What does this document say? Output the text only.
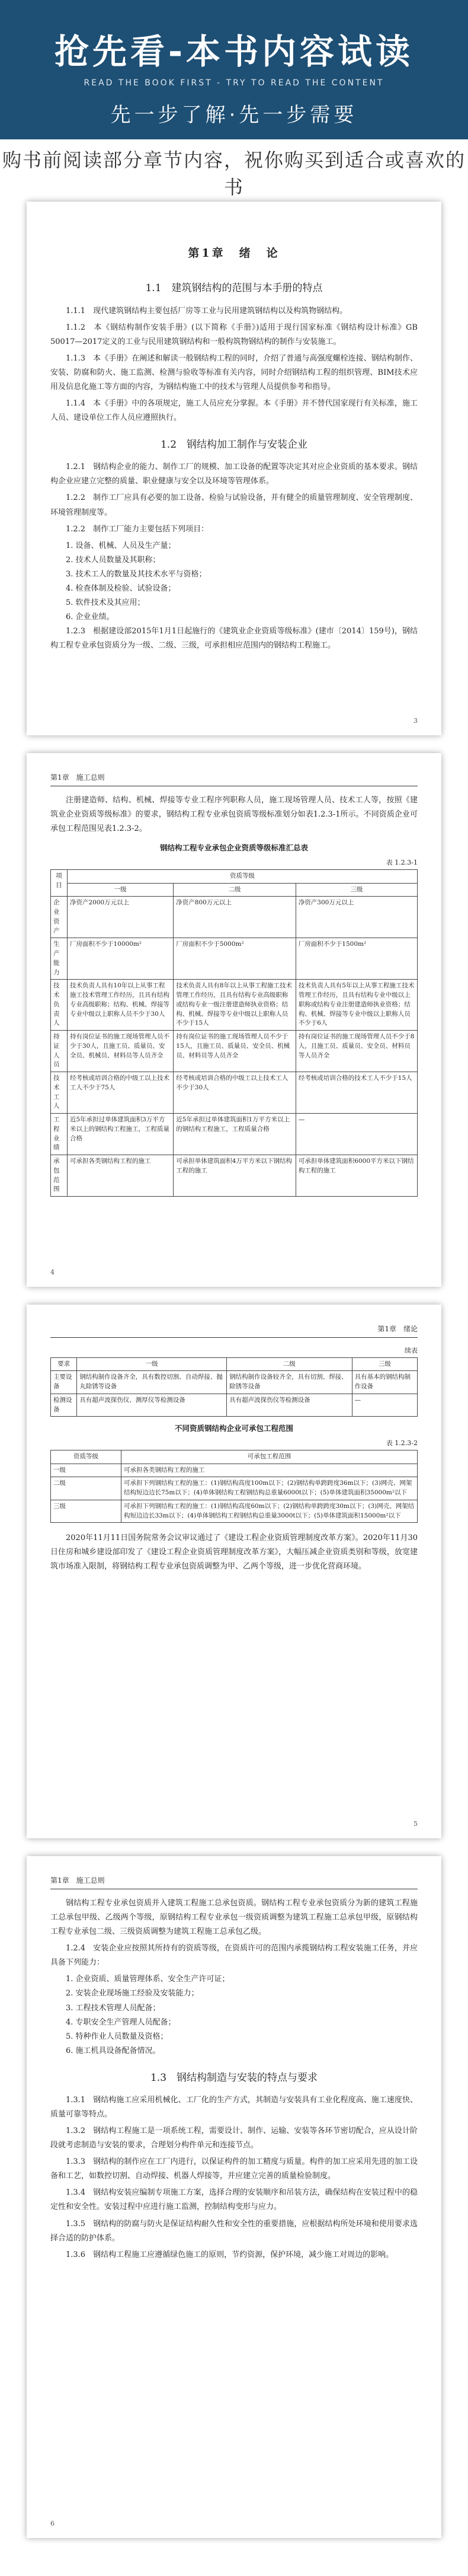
抢先看-本书内容试读
READ THE BOOK FIRST - TRY TO READ THE CONTENT
先一步了解·先一步需要
购书前阅读部分章节内容，祝你购买到适合或喜欢的书
第1章　绪　论
1.1　建筑钢结构的范围与本手册的特点

1.1.1　现代建筑钢结构主要包括厂房等工业与民用建筑钢结构以及构筑物钢结构。

1.1.2　本《钢结构制作安装手册》(以下简称《手册》)适用于现行国家标准《钢结构设计标准》GB 50017—2017定义的工业与民用建筑钢结构和一般构筑物钢结构的制作与安装施工。

1.1.3　本《手册》在阐述和解读一般钢结构工程的同时，介绍了普通与高强度螺栓连接、钢结构制作、安装、防腐和防火、施工监测、检测与验收等标准有关内容，同时介绍钢结构工程的组织管理、BIM技术应用及信息化施工等方面的内容，为钢结构施工中的技术与管理人员提供参考和指导。

1.1.4　本《手册》中的各项规定，施工人员应充分掌握。本《手册》并不替代国家现行有关标准，施工人员、建设单位工作人员应遵照执行。

1.2　钢结构加工制作与安装企业

1.2.1　钢结构企业的能力、制作工厂的规模、加工设备的配置等决定其对应企业资质的基本要求。钢结构企业应建立完整的质量、职业健康与安全以及环境等管理体系。

1.2.2　制作工厂应具有必要的加工设备、检验与试验设备，并有健全的质量管理制度、安全管理制度、环境管理制度等。

1.2.2　制作工厂能力主要包括下列项目：

1. 设备、机械、人员及生产量；

2. 技术人员数量及其职称；

3. 技术工人的数量及其技术水平与资格；

4. 检查体制及检验、试验设备；

5. 软件技术及其应用；

6. 企业业绩。

1.2.3　根据建设部2015年1月1日起施行的《建筑业企业资质等级标准》(建市〔2014〕159号)，钢结构工程专业承包资质分为一级、二级、三级，可承担相应范围内的钢结构工程施工。

3
第1章　施工总则

注册建造师、结构、机械、焊接等专业工程序列职称人员，施工现场管理人员、技术工人等，按照《建筑业企业资质等级标准》的要求，钢结构工程专业承包资质等级标准划分如表1.2.3-1所示。不同资质企业可承包工程范围见表1.2.3-2。

钢结构工程专业承包企业资质等级标准汇总表
表 1.2.3-1
项目	资质等级		
	一级	二级	三级
企业资产	净资产2000万元以上	净资产800万元以上	净资产300万元以上
生产能力	厂房面积不少于10000m²	厂房面积不少于5000m²	厂房面积不少于1500m²
技术负责人	技术负责人具有10年以上从事工程施工技术管理工作经历，且具有结构专业高级职称；结构、机械、焊接等专业中级以上职称人员不少于30人	技术负责人具有8年以上从事工程施工技术管理工作经历，且具有结构专业高级职称或结构专业一级注册建造师执业资格；结构、机械、焊接等专业中级以上职称人员不少于15人	技术负责人具有5年以上从事工程施工技术管理工作经历，且具有结构专业中级以上职称或结构专业注册建造师执业资格；结构、机械、焊接等专业中级以上职称人员不少于6人
持证人员	持有岗位证书的施工现场管理人员不少于30人，且施工员、质量员、安全员、机械员、材料员等人员齐全	持有岗位证书的施工现场管理人员不少于15人，且施工员、质量员、安全员、机械员、材料员等人员齐全	持有岗位证书的施工现场管理人员不少于8人，且施工员、质量员、安全员、材料员等人员齐全
技术工人	经考核或培训合格的中级工以上技术工人不少于75人	经考核或培训合格的中级工以上技术工人不少于30人	经考核或培训合格的技术工人不少于15人
工程业绩	近5年承担过单体建筑面积3万平方米以上的钢结构工程施工，工程质量合格	近5年承担过单体建筑面积1万平方米以上的钢结构工程施工，工程质量合格	—
承包范围	可承担各类钢结构工程的施工	可承担单体建筑面积4万平方米以下钢结构工程的施工	可承担单体建筑面积6000平方米以下钢结构工程的施工
4
第1章　绪论
续表
要求	一级	二级	三级
主要设备	钢结构制作设备齐全，具有数控切割、自动焊接、抛丸除锈等设备	钢结构制作设备较齐全，具有切割、焊接、除锈等设备	具有基本的钢结构制作设备
检测设备	具有超声波探伤仪、测厚仪等检测设备	具有超声波探伤仪等检测设备	—
不同资质钢结构企业可承包工程范围
表 1.2.3-2
资质等级	可承包工程范围
一级	可承担各类钢结构工程的施工
二级	可承担下列钢结构工程的施工：(1)钢结构高度100m以下；(2)钢结构单跨跨度36m以下；(3)网壳、网架结构短边边长75m以下；(4)单体钢结构工程钢结构总重量6000t以下；(5)单体建筑面积35000m²以下
三级	可承担下列钢结构工程的施工：(1)钢结构高度60m以下；(2)钢结构单跨跨度30m以下；(3)网壳、网架结构短边边长33m以下；(4)单体钢结构工程钢结构总重量3000t以下；(5)单体建筑面积15000m²以下

2020年11月11日国务院常务会议审议通过了《建设工程企业资质管理制度改革方案》。2020年11月30日住房和城乡建设部印发了《建设工程企业资质管理制度改革方案》，大幅压减企业资质类别和等级，放宽建筑市场准入限制，将钢结构工程专业承包资质调整为甲、乙两个等级，进一步优化营商环境。

5
第1章　施工总则

钢结构工程专业承包资质并入建筑工程施工总承包资质。钢结构工程专业承包资质分为新的建筑工程施工总承包甲级、乙级两个等级，原钢结构工程专业承包一级资质调整为建筑工程施工总承包甲级，原钢结构工程专业承包二级、三级资质调整为建筑工程施工总承包乙级。

1.2.4　安装企业应按照其所持有的资质等级，在资质许可的范围内承揽钢结构工程安装施工任务，并应具备下列能力：

1. 企业资质、质量管理体系、安全生产许可证；

2. 安装企业现场施工经验及安装能力；

3. 工程技术管理人员配备；

4. 专职安全生产管理人员配备；

5. 特种作业人员数量及资格；

6. 施工机具设备配备情况。

1.3　钢结构制造与安装的特点与要求

1.3.1　钢结构施工应采用机械化、工厂化的生产方式，其制造与安装具有工业化程度高、施工速度快、质量可靠等特点。

1.3.2　钢结构工程施工是一项系统工程，需要设计、制作、运输、安装等各环节密切配合，应从设计阶段就考虑制造与安装的要求，合理划分构件单元和连接节点。

1.3.3　钢结构的制作应在工厂内进行，以保证构件的加工精度与质量。构件的加工应采用先进的加工设备和工艺，如数控切割、自动焊接、机器人焊接等，并应建立完善的质量检验制度。

1.3.4　钢结构安装应编制专项施工方案，选择合理的安装顺序和吊装方法，确保结构在安装过程中的稳定性和安全性。安装过程中应进行施工监测，控制结构变形与应力。

1.3.5　钢结构的防腐与防火是保证结构耐久性和安全性的重要措施，应根据结构所处环境和使用要求选择合适的防护体系。

1.3.6　钢结构工程施工应遵循绿色施工的原则，节约资源，保护环境，减少施工对周边的影响。

6
